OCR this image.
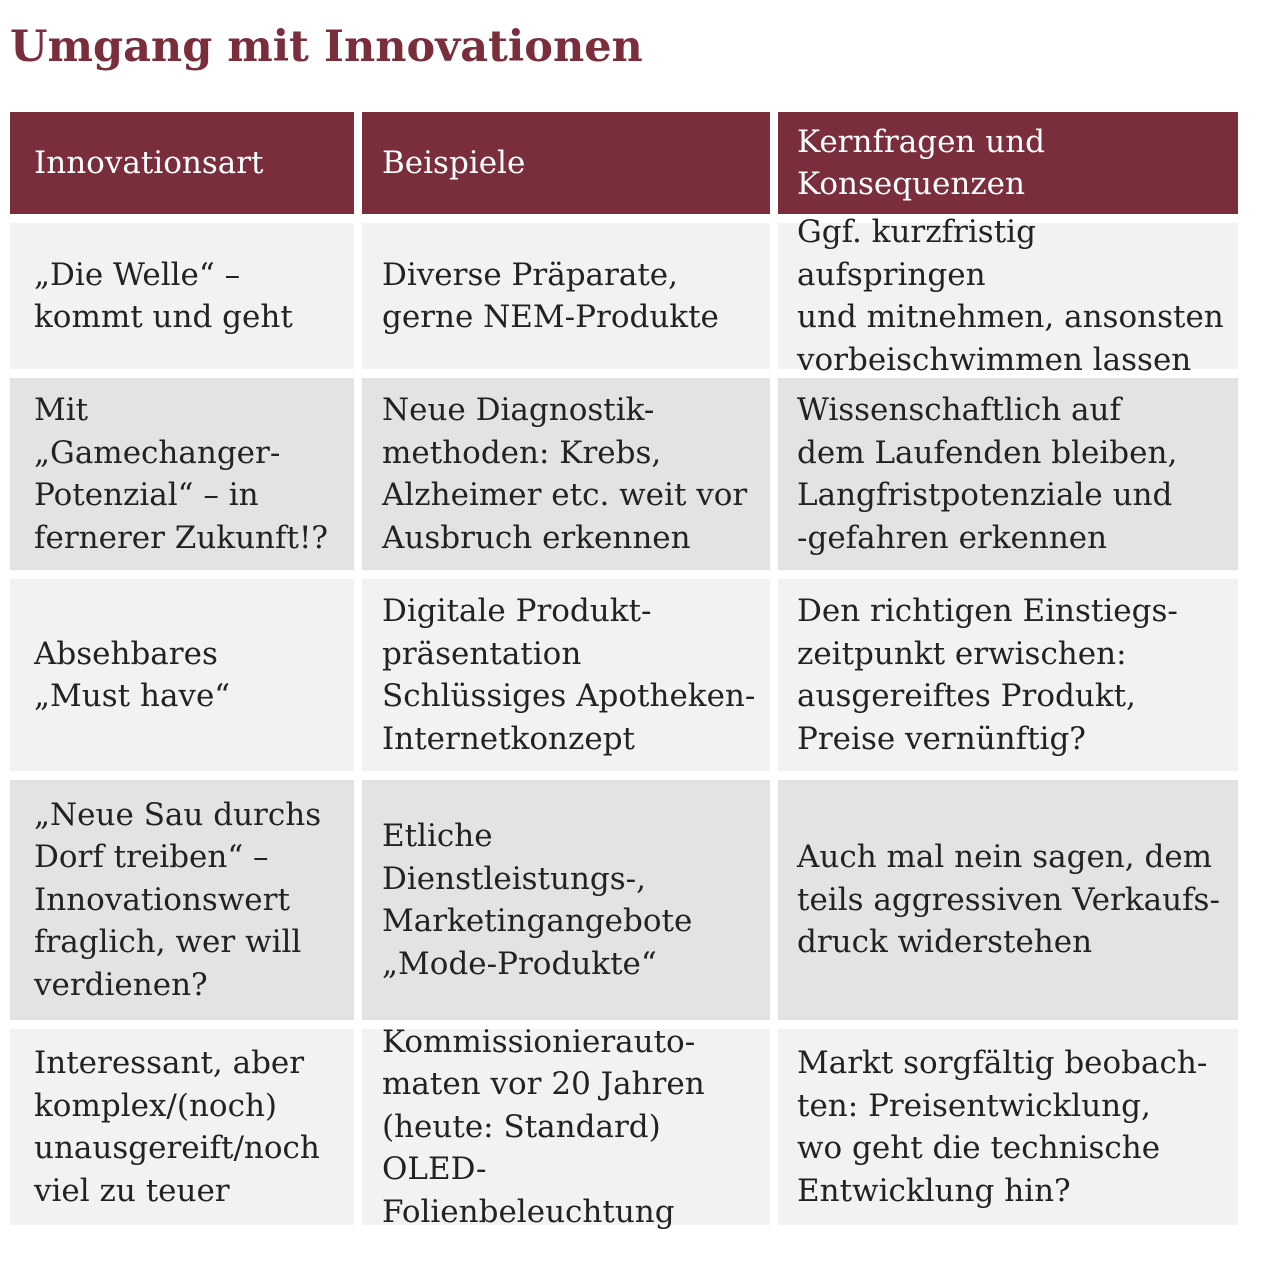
Umgang mit Innovationen
Innovationsart	Beispiele
Kernfragen und
Konsequenzen
„Die Welle“ –
kommt und geht
Diverse Präparate,
gerne NEM-Produkte
Ggf. kurzfristig aufspringen
und mitnehmen, ansonsten
vorbeischwimmen lassen
Mit „Gamechanger-
Potenzial“ – in
fernerer Zukunft!?
Neue Diagnostik-
methoden: Krebs,
Alzheimer etc. weit vor
Ausbruch erkennen
Wissenschaftlich auf
dem Laufenden bleiben,
Langfristpotenziale und
-gefahren erkennen
Absehbares
„Must have“
Digitale Produkt-
präsentation
Schlüssiges Apotheken-
Internetkonzept
Den richtigen Einstiegs-
zeitpunkt erwischen:
ausgereiftes Produkt,
Preise vernünftig?
„Neue Sau durchs
Dorf treiben“ –
Innovationswert
fraglich, wer will
verdienen?
Etliche Dienstleistungs-,
Marketingangebote
„Mode-Produkte“
Auch mal nein sagen, dem
teils aggressiven Verkaufs-
druck widerstehen
Interessant, aber
komplex/(noch)
unausgereift/noch
viel zu teuer
Kommissionierauto-
maten vor 20 Jahren
(heute: Standard)
OLED-Folienbeleuchtung
Markt sorgfältig beobach-
ten: Preisentwicklung,
wo geht die technische
Entwicklung hin?
